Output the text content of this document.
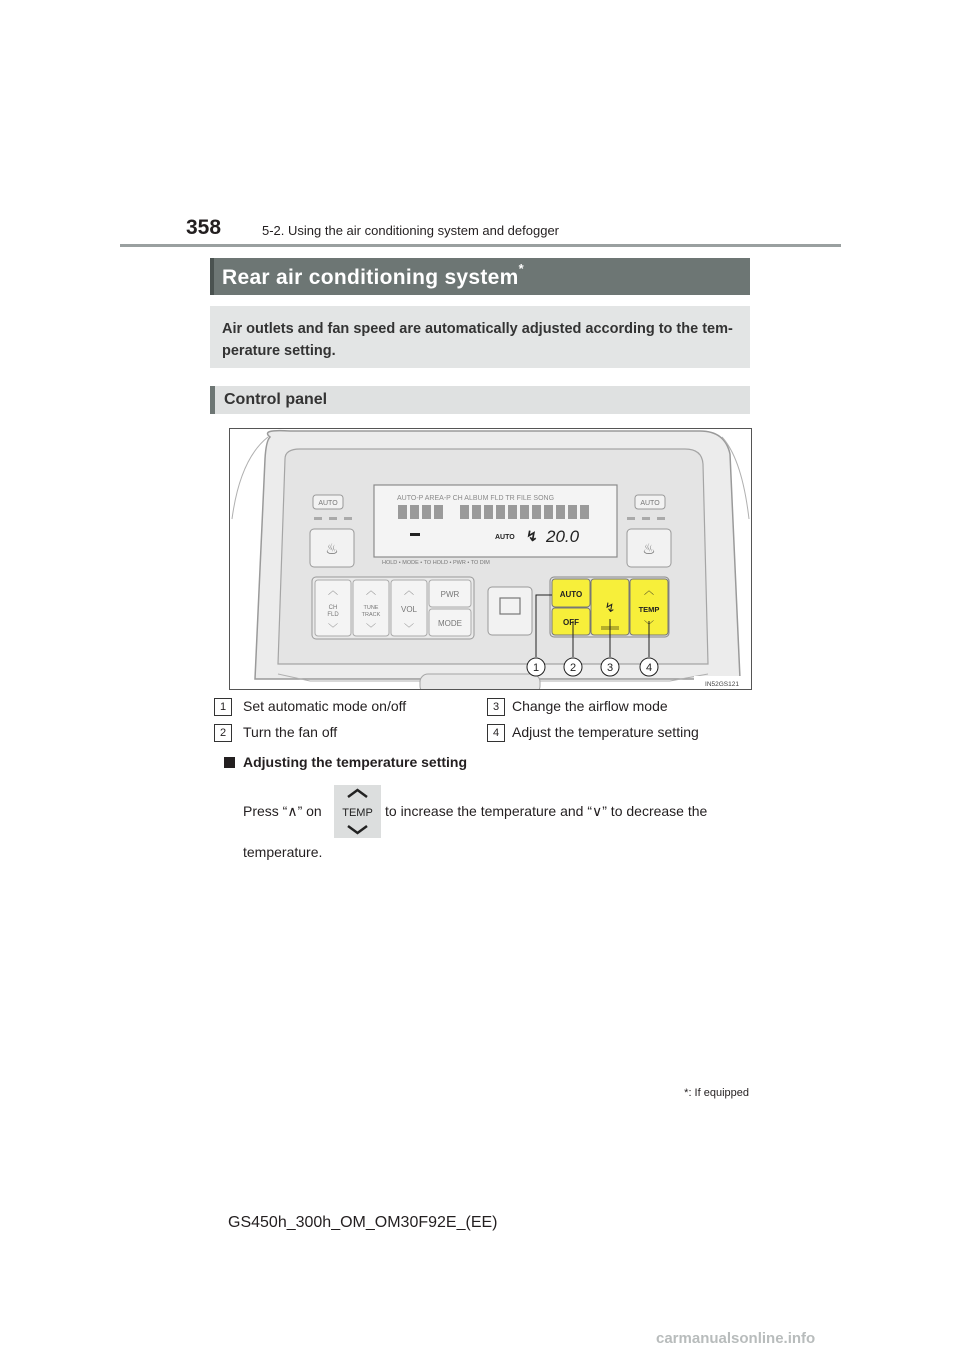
358	5-2. Using the air conditioning system and defogger
Rear air conditioning system*
Air outlets and fan speed are automatically adjusted according to the tem-perature setting.
Control panel
AUTO-P AREA-P CH ALBUM FLD TR FILE SONG
AUTO ↯ 20.0
HOLD • MODE • TO HOLD • PWR • TO DIM
AUTO
♨
AUTO
♨
︿
CH
FLD
﹀
︿
TUNE
TRACK
﹀
︿
VOL
﹀
PWR
MODE
AUTO
OFF
↯
︿
TEMP
﹀
1	2	3	4
IN52GS121
1	Set automatic mode on/off
2	Turn the fan off
3 Change the airflow mode
4 Adjust the temperature setting
Adjusting the temperature setting
Press “∧” on TEMP to increase the temperature and “∨” to decrease the
temperature.
*: If equipped
GS450h_300h_OM_OM30F92E_(EE)
carmanualsonline.info
